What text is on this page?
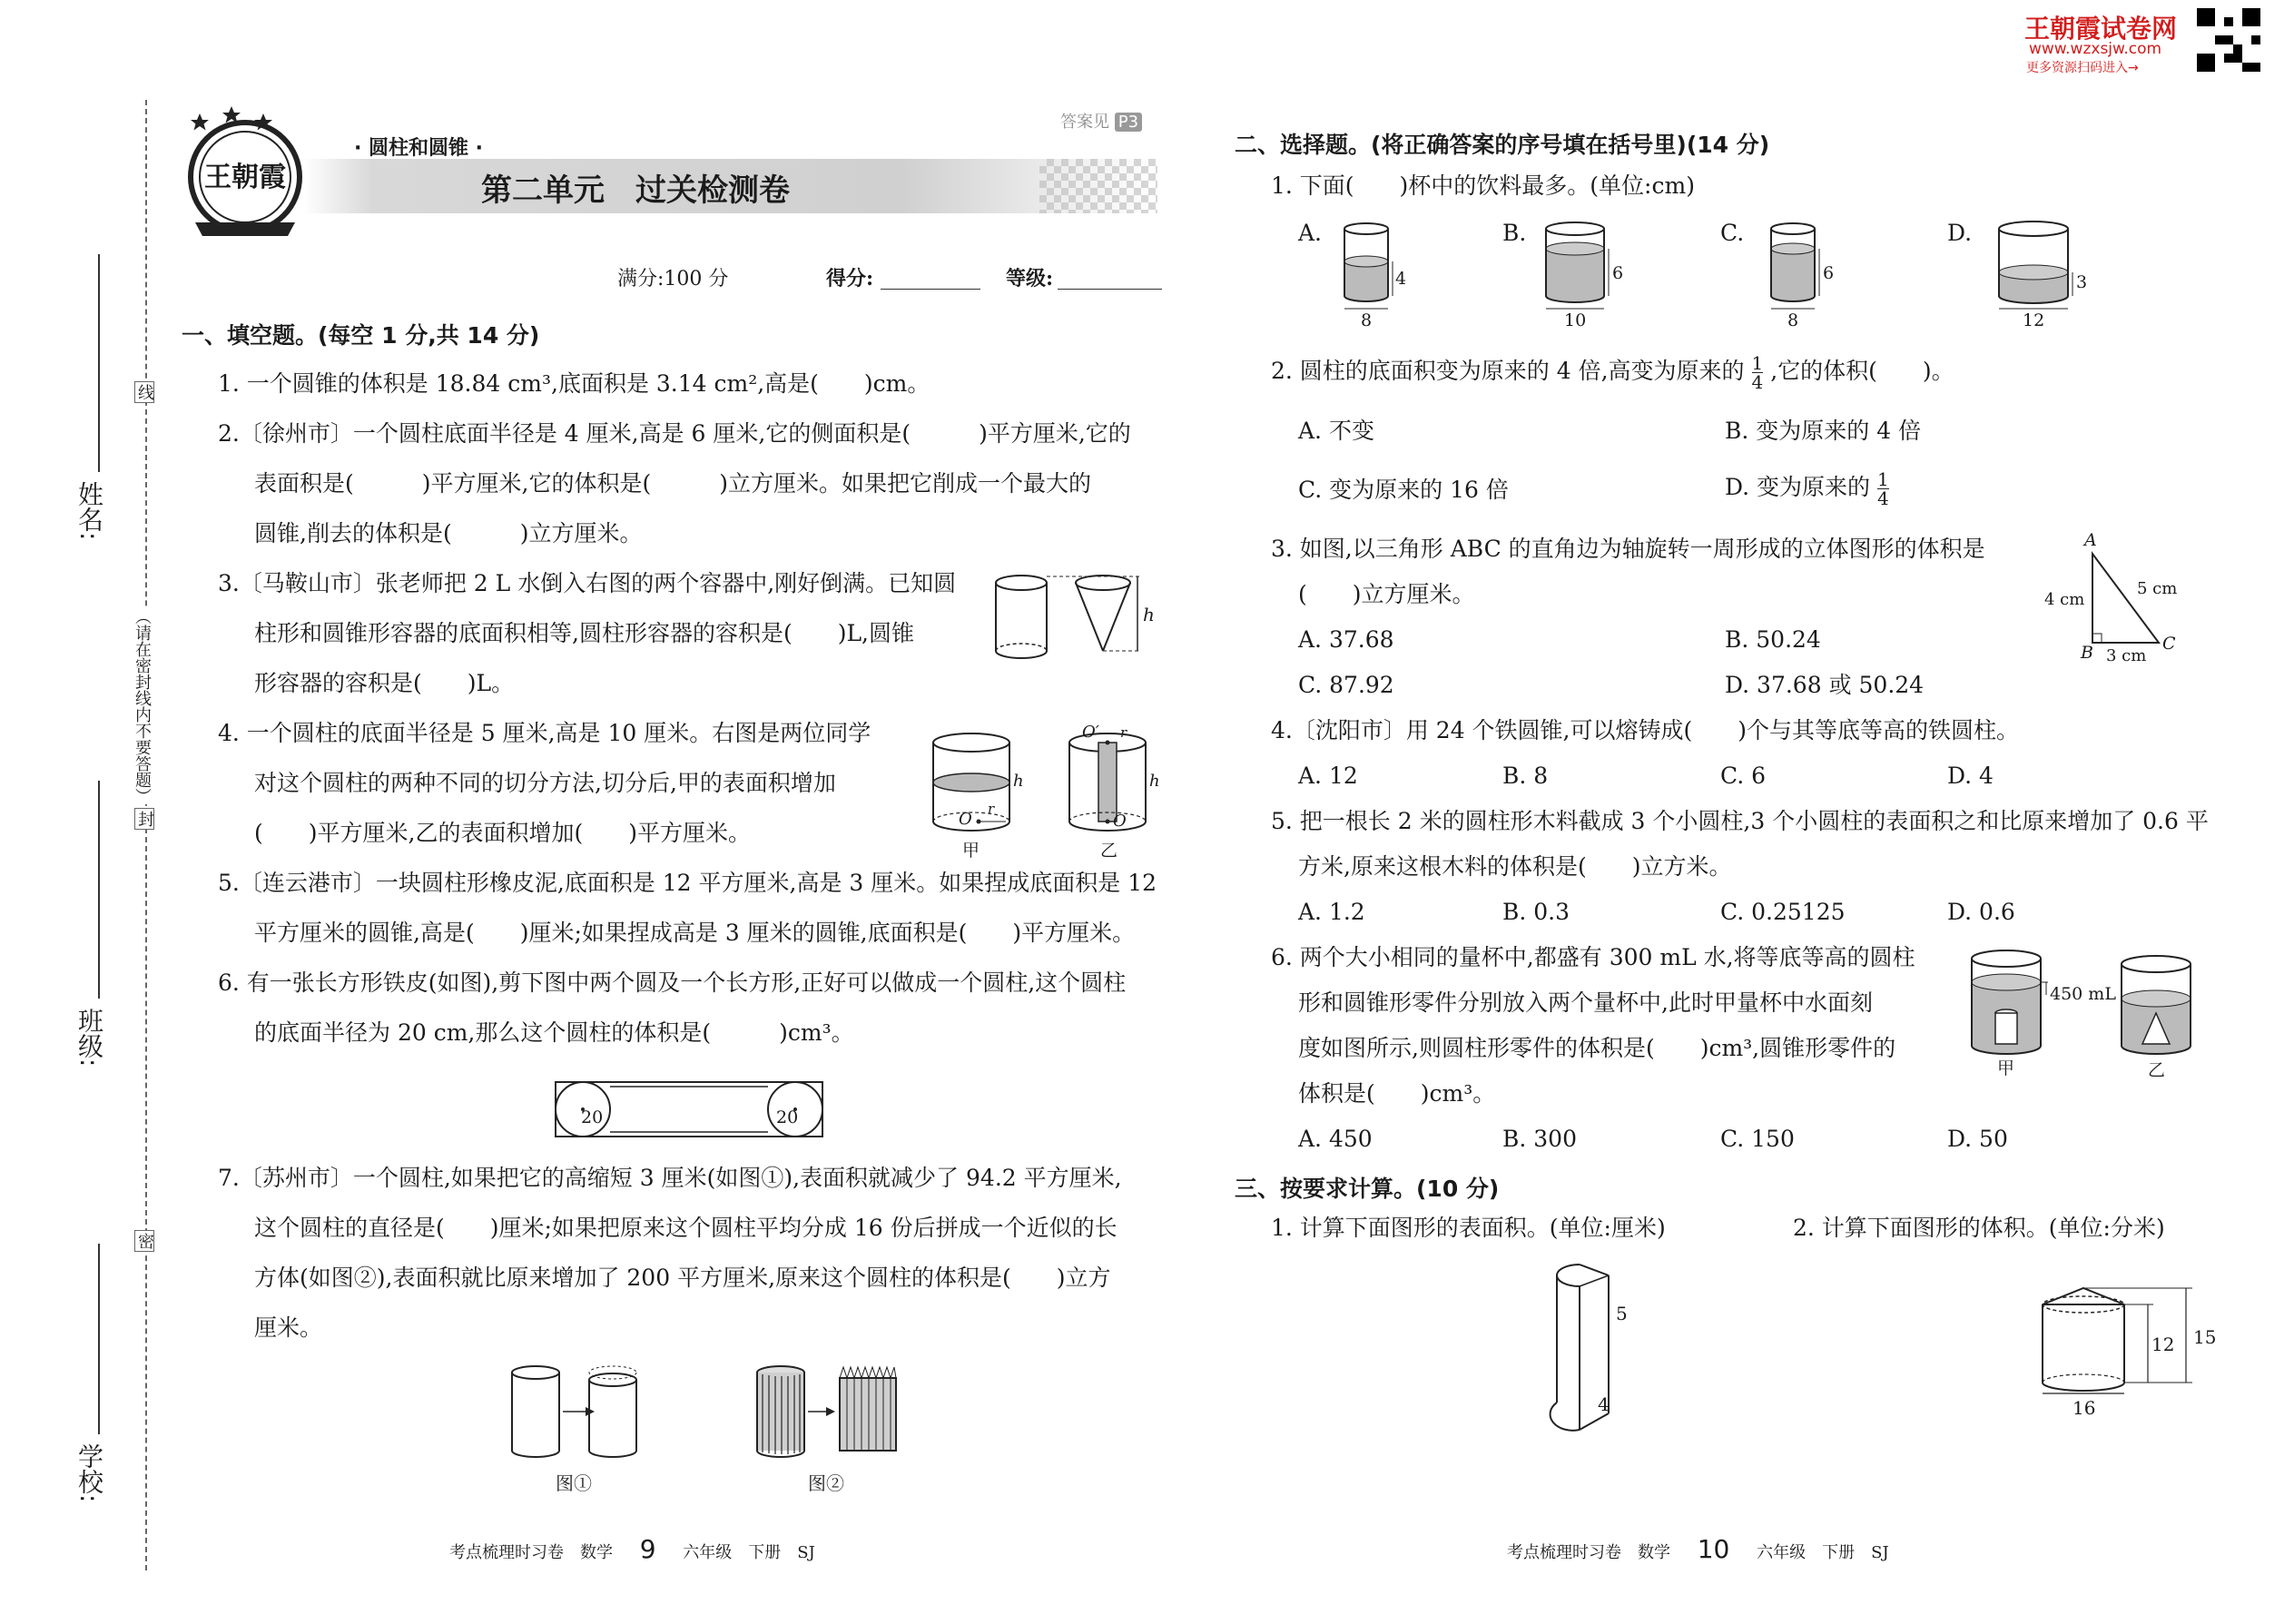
姓名:
班级:
学校:
（请在密封线内不要答题）
线
封
密
王朝霞
· 圆柱和圆锥 ·
第二单元　过关检测卷
答案见 P3
满分:100 分	得分:	等级:
王朝霞试卷网
www.wzxsjw.com
更多资源扫码进入→
一、填空题。(每空 1 分,共 14 分)
1. 一个圆锥的体积是 18.84 cm³,底面积是 3.14 cm²,高是(　　)cm。
2.〔徐州市〕一个圆柱底面半径是 4 厘米,高是 6 厘米,它的侧面积是(　　　)平方厘米,它的
表面积是(　　　)平方厘米,它的体积是(　　　)立方厘米。如果把它削成一个最大的
圆锥,削去的体积是(　　　)立方厘米。
3.〔马鞍山市〕张老师把 2 L 水倒入右图的两个容器中,刚好倒满。已知圆
柱形和圆锥形容器的底面积相等,圆柱形容器的容积是(　　)L,圆锥
形容器的容积是(　　)L。
h
4. 一个圆柱的底面半径是 5 厘米,高是 10 厘米。右图是两位同学
对这个圆柱的两种不同的切分方法,切分后,甲的表面积增加
(　　)平方厘米,乙的表面积增加(　　)平方厘米。
h
r
O
甲
O′ r
O
h
乙
5.〔连云港市〕一块圆柱形橡皮泥,底面积是 12 平方厘米,高是 3 厘米。如果捏成底面积是 12
平方厘米的圆锥,高是(　　)厘米;如果捏成高是 3 厘米的圆锥,底面积是(　　)平方厘米。
6. 有一张长方形铁皮(如图),剪下图中两个圆及一个长方形,正好可以做成一个圆柱,这个圆柱
的底面半径为 20 cm,那么这个圆柱的体积是(　　　)cm³。
20	20
7.〔苏州市〕一个圆柱,如果把它的高缩短 3 厘米(如图①),表面积就减少了 94.2 平方厘米,
这个圆柱的直径是(　　)厘米;如果把原来这个圆柱平均分成 16 份后拼成一个近似的长
方体(如图②),表面积就比原来增加了 200 平方厘米,原来这个圆柱的体积是(　　)立方
厘米。
图①	图②
二、选择题。(将正确答案的序号填在括号里)(14 分)
1. 下面(　　)杯中的饮料最多。(单位:cm)
A.	B.	C.	D.
4
8
6
10
6
8
3
12
2. 圆柱的底面积变为原来的 4 倍,高变为原来的 $\frac{1}{4}$ ,它的体积(　　)。
A. 不变	B. 变为原来的 4 倍
C. 变为原来的 16 倍	D. 变为原来的 $\frac{1}{4}$
3. 如图,以三角形 ABC 的直角边为轴旋转一周形成的立体图形的体积是
(　　)立方厘米。
A. 37.68	B. 50.24
C. 87.92	D. 37.68 或 50.24
A
B	C
4 cm
5 cm
3 cm
4.〔沈阳市〕用 24 个铁圆锥,可以熔铸成(　　)个与其等底等高的铁圆柱。
A. 12	B. 8	C. 6	D. 4
5. 把一根长 2 米的圆柱形木料截成 3 个小圆柱,3 个小圆柱的表面积之和比原来增加了 0.6 平
方米,原来这根木料的体积是(　　)立方米。
A. 1.2	B. 0.3	C. 0.25125	D. 0.6
6. 两个大小相同的量杯中,都盛有 300 mL 水,将等底等高的圆柱
形和圆锥形零件分别放入两个量杯中,此时甲量杯中水面刻
度如图所示,则圆柱形零件的体积是(　　)cm³,圆锥形零件的
体积是(　　)cm³。
450 mL
甲	乙
A. 450	B. 300	C. 150	D. 50
三、按要求计算。(10 分)
1. 计算下面图形的表面积。(单位:厘米)	2. 计算下面图形的体积。(单位:分米)
5
4
12 15
16
考点梳理时习卷　数学 9 六年级　下册　SJ	考点梳理时习卷　数学 10 六年级　下册　SJ
